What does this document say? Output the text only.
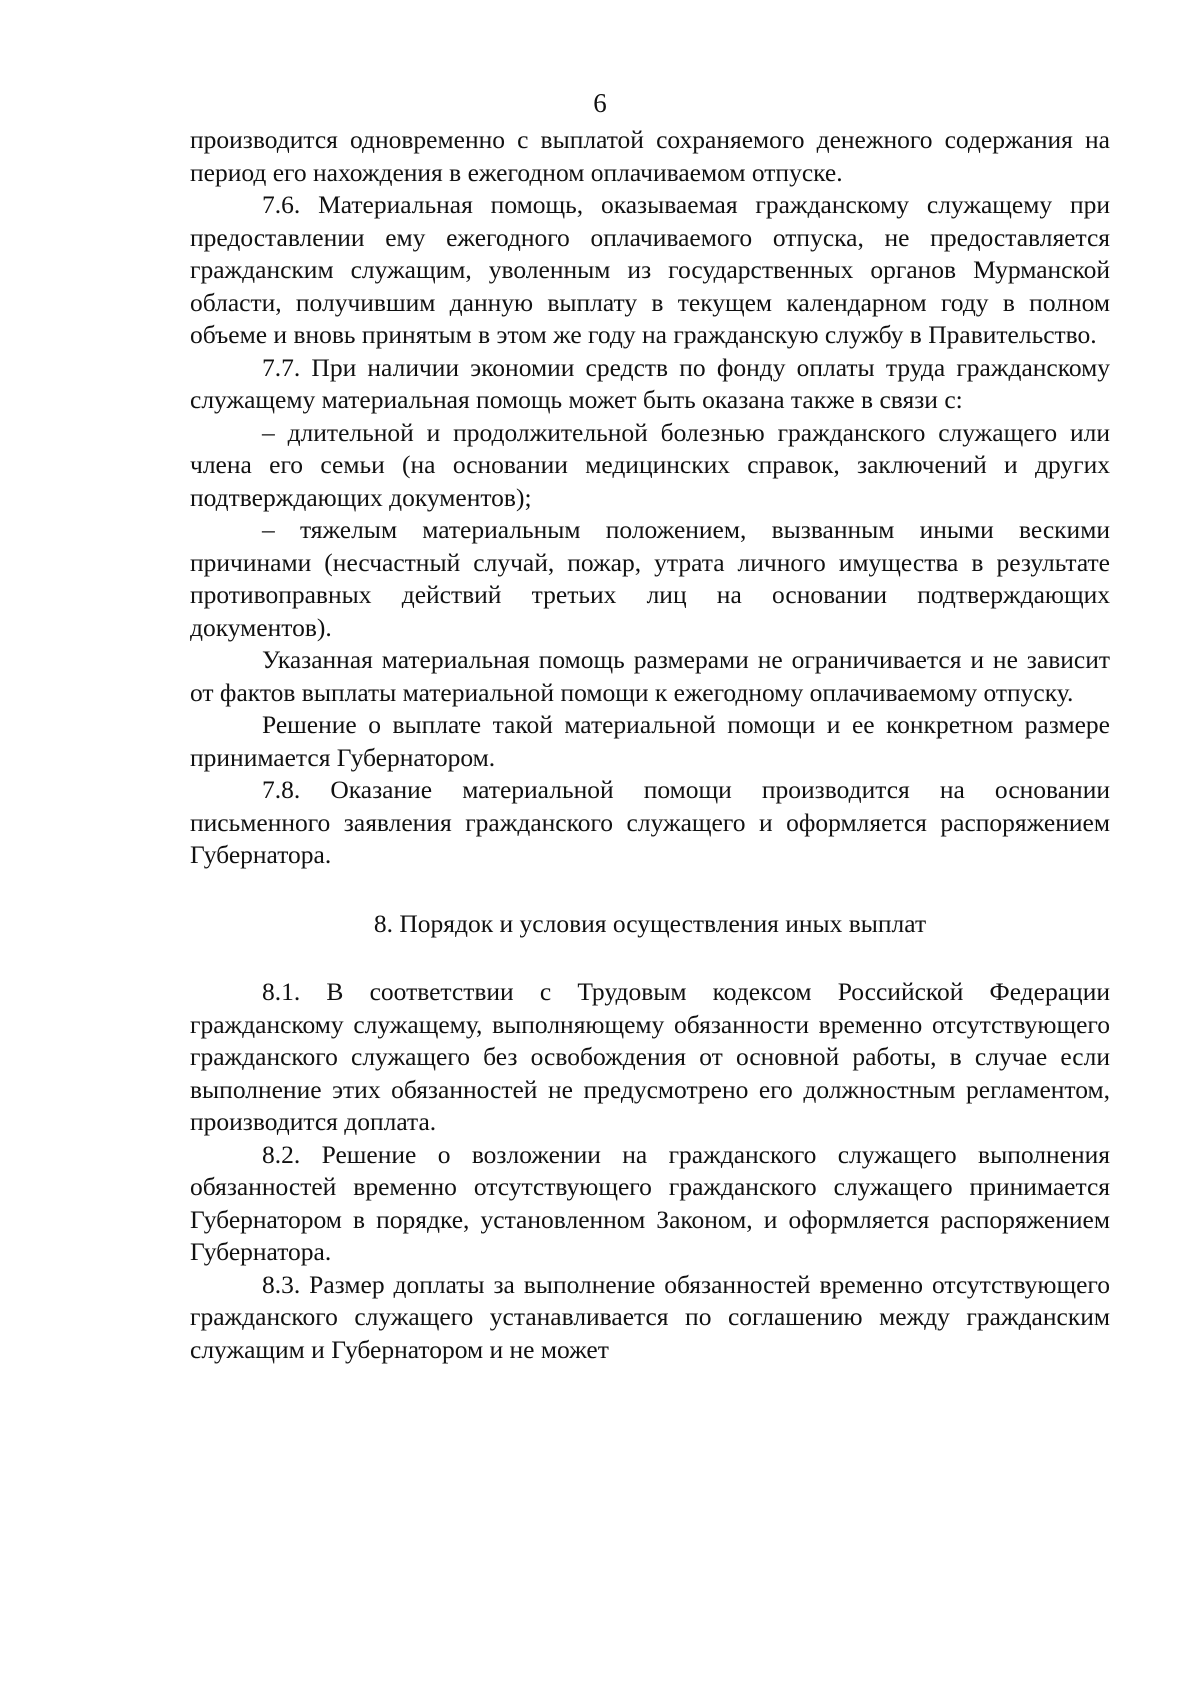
6

производится одновременно с выплатой сохраняемого денежного содержания на период его нахождения в ежегодном оплачиваемом отпуске.

7.6. Материальная помощь, оказываемая гражданскому служащему при предоставлении ему ежегодного оплачиваемого отпуска, не предоставляется гражданским служащим, уволенным из государственных органов Мурманской области, получившим данную выплату в текущем календарном году в полном объеме и вновь принятым в этом же году на гражданскую службу в Правительство.

7.7. При наличии экономии средств по фонду оплаты труда гражданскому служащему материальная помощь может быть оказана также в связи с:

– длительной и продолжительной болезнью гражданского служащего или члена его семьи (на основании медицинских справок, заключений и других подтверждающих документов);

– тяжелым материальным положением, вызванным иными вескими причинами (несчастный случай, пожар, утрата личного имущества в результате противоправных действий третьих лиц на основании подтверждающих документов).

Указанная материальная помощь размерами не ограничивается и не зависит от фактов выплаты материальной помощи к ежегодному оплачиваемому отпуску.

Решение о выплате такой материальной помощи и ее конкретном размере принимается Губернатором.

7.8. Оказание материальной помощи производится на основании письменного заявления гражданского служащего и оформляется распоряжением Губернатора.

8. Порядок и условия осуществления иных выплат

8.1. В соответствии с Трудовым кодексом Российской Федерации гражданскому служащему, выполняющему обязанности временно отсутствующего гражданского служащего без освобождения от основной работы, в случае если выполнение этих обязанностей не предусмотрено его должностным регламентом, производится доплата.

8.2. Решение о возложении на гражданского служащего выполнения обязанностей временно отсутствующего гражданского служащего принимается Губернатором в порядке, установленном Законом, и оформляется распоряжением Губернатора.

8.3. Размер доплаты за выполнение обязанностей временно отсутствующего гражданского служащего устанавливается по соглашению между гражданским служащим и Губернатором и не может
